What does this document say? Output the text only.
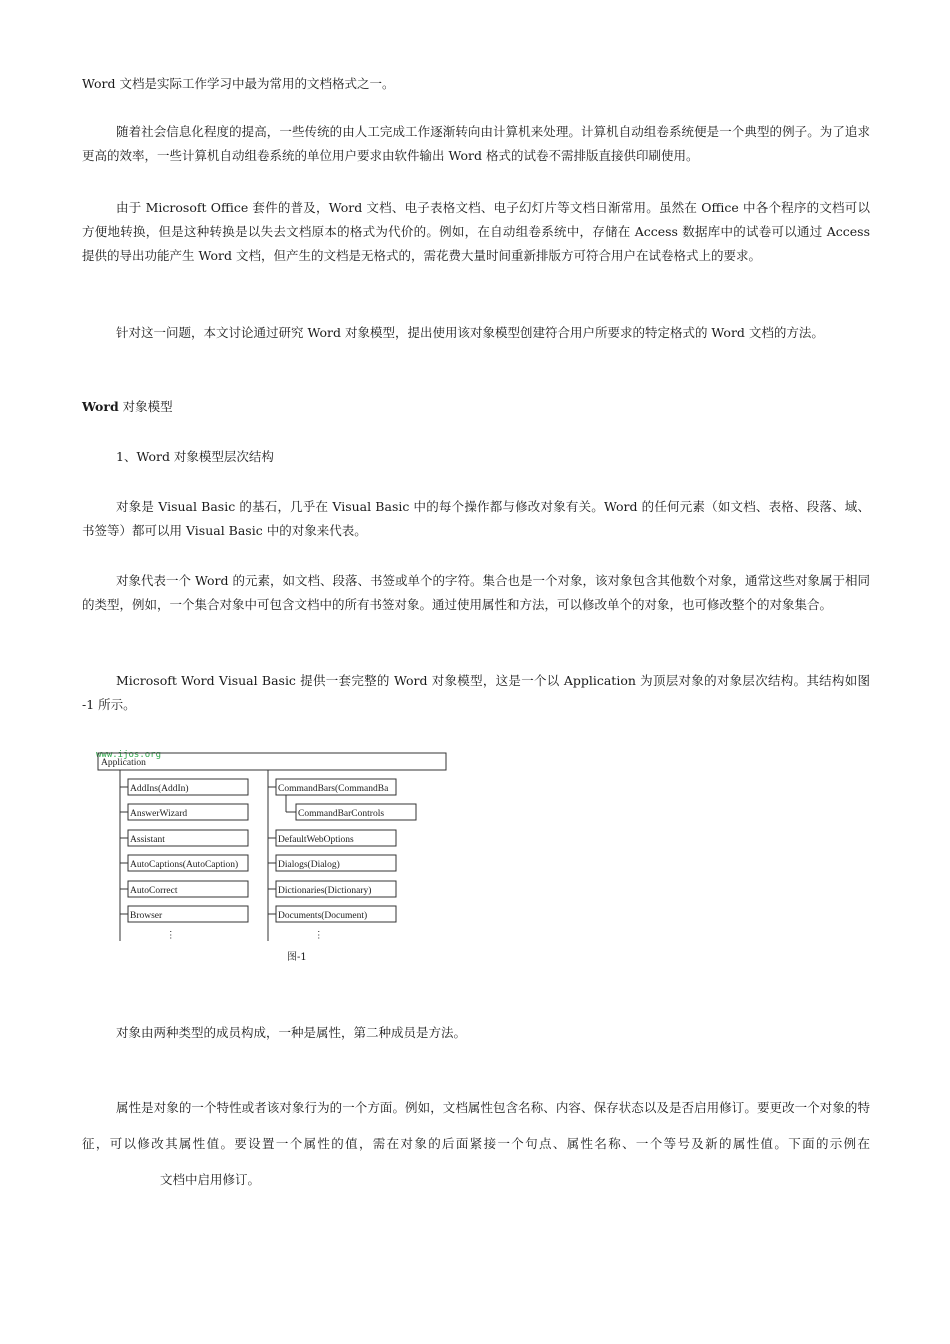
Word 文档是实际工作学习中最为常用的文档格式之一。

随着社会信息化程度的提高，一些传统的由人工完成工作逐渐转向由计算机来处理。计算机自动组卷系统便是一个典型的例子。为了追求更高的效率，一些计算机自动组卷系统的单位用户要求由软件输出 Word 格式的试卷不需排版直接供印刷使用。

由于 Microsoft Office 套件的普及，Word 文档、电子表格文档、电子幻灯片等文档日渐常用。虽然在 Office 中各个程序的文档可以方便地转换，但是这种转换是以失去文档原本的格式为代价的。例如，在自动组卷系统中，存储在 Access 数据库中的试卷可以通过 Access 提供的导出功能产生 Word 文档，但产生的文档是无格式的，需花费大量时间重新排版方可符合用户在试卷格式上的要求。

针对这一问题，本文讨论通过研究 Word 对象模型，提出使用该对象模型创建符合用户所要求的特定格式的 Word 文档的方法。

Word 对象模型

1、Word 对象模型层次结构

对象是 Visual Basic 的基石，几乎在 Visual Basic 中的每个操作都与修改对象有关。Word 的任何元素（如文档、表格、段落、域、书签等）都可以用 Visual Basic 中的对象来代表。

对象代表一个 Word 的元素，如文档、段落、书签或单个的字符。集合也是一个对象，该对象包含其他数个对象，通常这些对象属于相同的类型，例如，一个集合对象中可包含文档中的所有书签对象。通过使用属性和方法，可以修改单个的对象，也可修改整个的对象集合。

Microsoft Word Visual Basic 提供一套完整的 Word 对象模型，这是一个以 Application 为顶层对象的对象层次结构。其结构如图 -1 所示。

www.ijos.org
Application
AddIns(AddIn)
AnswerWizard
Assistant
AutoCaptions(AutoCaption)
AutoCorrect
Browser
CommandBars(CommandBa
CommandBarControls
DefaultWebOptions
Dialogs(Dialog)
Dictionaries(Dictionary)
Documents(Document)
⋮	⋮
图-1

对象由两种类型的成员构成，一种是属性，第二种成员是方法。

属性是对象的一个特性或者该对象行为的一个方面。例如，文档属性包含名称、内容、保存状态以及是否启用修订。要更改一个对象的特征，可以修改其属性值。要设置一个属性的值，需在对象的后面紧接一个句点、属性名称、一个等号及新的属性值。下面的示例在文档中启用修订。
